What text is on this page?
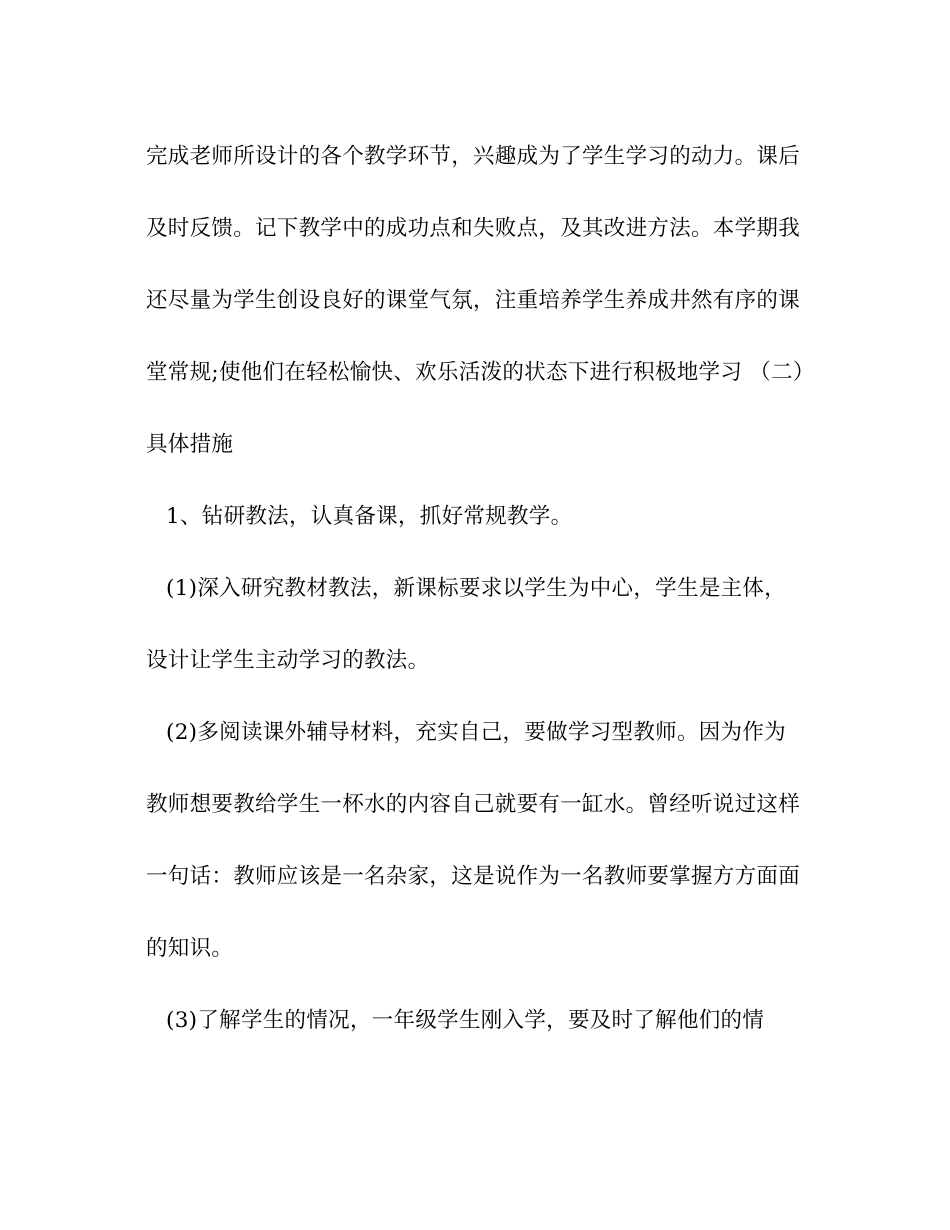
完成老师所设计的各个教学环节，兴趣成为了学生学习的动力。课后
及时反馈。记下教学中的成功点和失败点，及其改进方法。本学期我
还尽量为学生创设良好的课堂气氛，注重培养学生养成井然有序的课
堂常规;使他们在轻松愉快、欢乐活泼的状态下进行积极地学习 （二）
具体措施
1、钻研教法，认真备课，抓好常规教学。
(1)深入研究教材教法，新课标要求以学生为中心，学生是主体，
设计让学生主动学习的教法。
(2)多阅读课外辅导材料，充实自己，要做学习型教师。因为作为
教师想要教给学生一杯水的内容自己就要有一缸水。曾经听说过这样
一句话：教师应该是一名杂家，这是说作为一名教师要掌握方方面面
的知识。
(3)了解学生的情况，一年级学生刚入学，要及时了解他们的情
